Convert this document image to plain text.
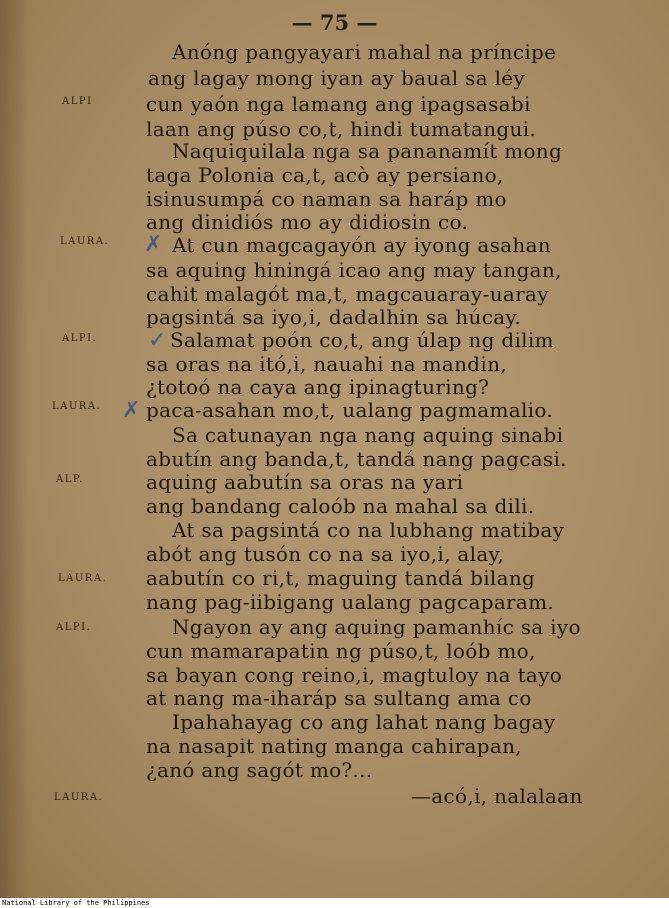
— 75 —
Anóng pangyayari mahal na príncipe
ang lagay mong iyan ay baual sa léy
cun yaón nga lamang ang ipagsasabi
laan ang púso co,t, hindi tumatangui.
Naquiquilala nga sa pananamít mong
taga Polonia ca,t, acò ay persiano,
isinusumpá co naman sa haráp mo
ang dinidiós mo ay didiosin co.
At cun magcagayón ay iyong asahan
sa aquing hiningá icao ang may tangan,
cahit malagót ma,t, magcauaray-uaray
pagsintá sa iyo,i, dadalhin sa húcay.
Salamat poón co,t, ang úlap ng dilim
sa oras na itó,i, nauahi na mandin,
¿totoó na caya ang ipinagturing?
paca-asahan mo,t, ualang pagmamalio.
Sa catunayan nga nang aquing sinabi
abutín ang banda,t, tandá nang pagcasi.
aquing aabutín sa oras na yari
ang bandang caloób na mahal sa dili.
At sa pagsintá co na lubhang matibay
abót ang tusón co na sa iyo,i, alay,
aabutín co ri,t, maguing tandá bilang
nang pag-iibigang ualang pagcaparam.
Ngayon ay ang aquing pamanhíc sa iyo
cun mamarapatin ng púso,t, loób mo,
sa bayan cong reino,i, magtuloy na tayo
at nang ma-iharáp sa sultang ama co
Ipahahayag co ang lahat nang bagay
na nasapit nating manga cahirapan,
¿anó ang sagót mo?...
—acó,i, nalalaan
ALPI
LAURA.
ALPI.
LAURA.
ALP.
LAURA.
ALPI.
LAURA.
✗
✓
✗
National Library of the Philippines
